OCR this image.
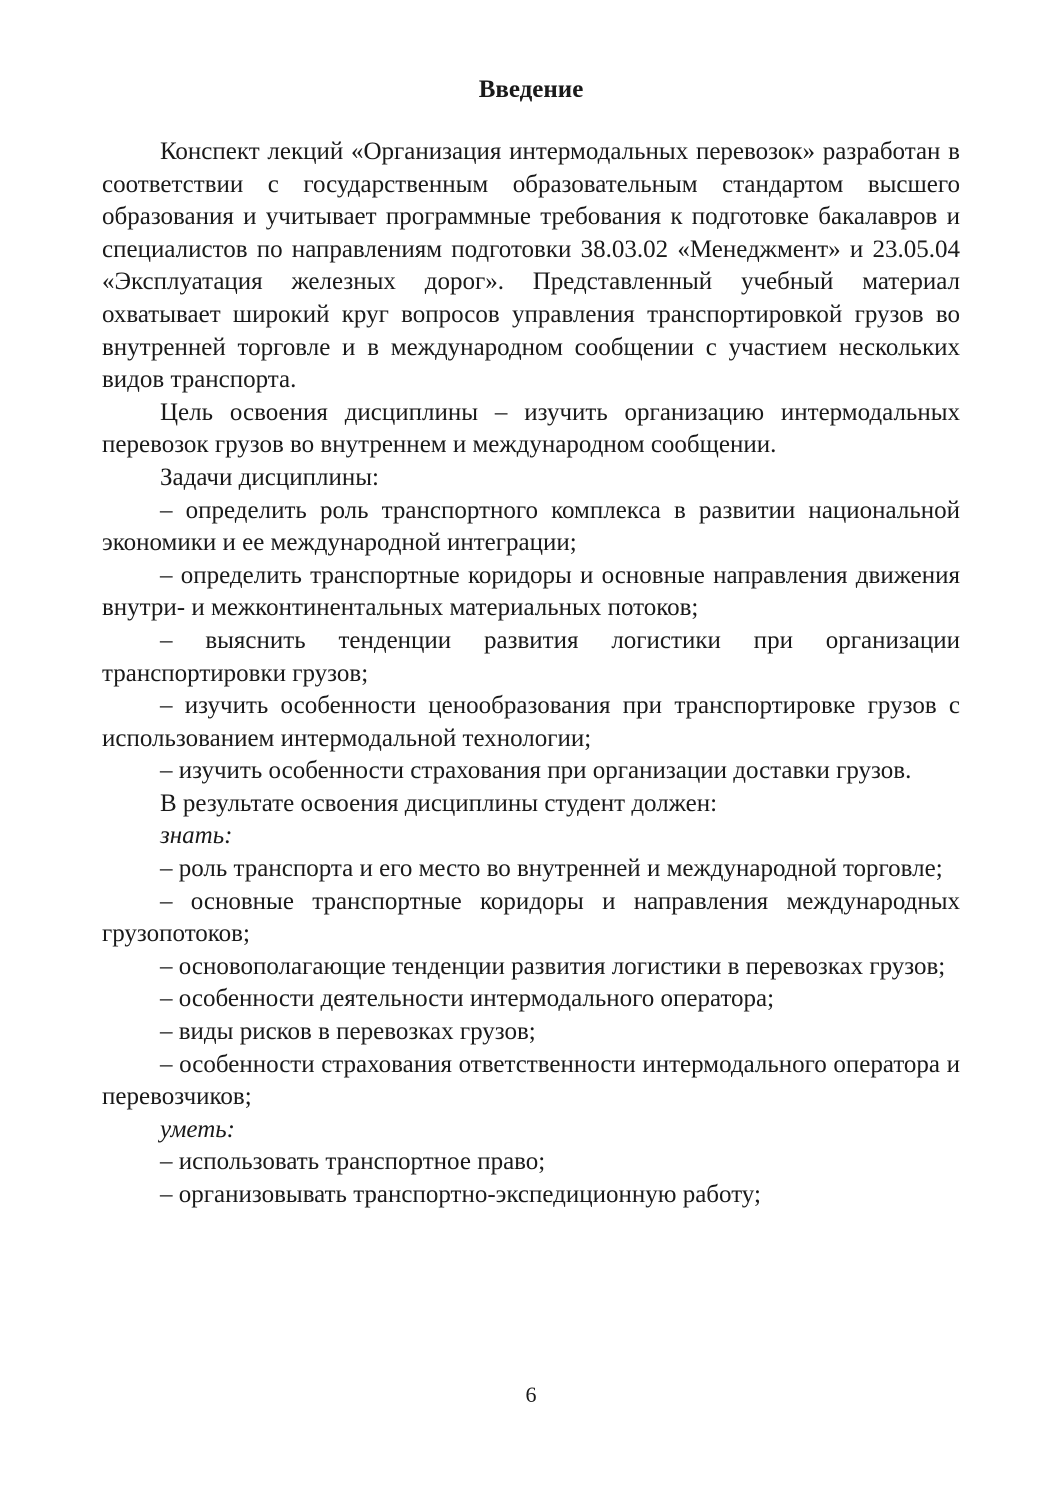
Введение

Конспект лекций «Организация интермодальных перевозок» разработан в соответствии с государственным образовательным стандартом высшего образования и учитывает программные требования к подготовке бакалавров и специалистов по направлениям подготовки 38.03.02 «Менеджмент» и 23.05.04 «Эксплуатация железных дорог». Представленный учебный материал охватывает широкий круг вопросов управления транспортировкой грузов во внутренней торговле и в международном сообщении с участием нескольких видов транспорта.

Цель освоения дисциплины – изучить организацию интермодальных перевозок грузов во внутреннем и международном сообщении.

Задачи дисциплины:

– определить роль транспортного комплекса в развитии национальной экономики и ее международной интеграции;

– определить транспортные коридоры и основные направления движения внутри- и межконтинентальных материальных потоков;

– выяснить тенденции развития логистики при организации транспортировки грузов;

– изучить особенности ценообразования при транспортировке грузов с использованием интермодальной технологии;

– изучить особенности страхования при организации доставки грузов.

В результате освоения дисциплины студент должен:

знать:

– роль транспорта и его место во внутренней и международной торговле;

– основные транспортные коридоры и направления международных грузопотоков;

– основополагающие тенденции развития логистики в перевозках грузов;

– особенности деятельности интермодального оператора;

– виды рисков в перевозках грузов;

– особенности страхования ответственности интермодального оператора и перевозчиков;

уметь:

– использовать транспортное право;

– организовывать транспортно-экспедиционную работу;

6
